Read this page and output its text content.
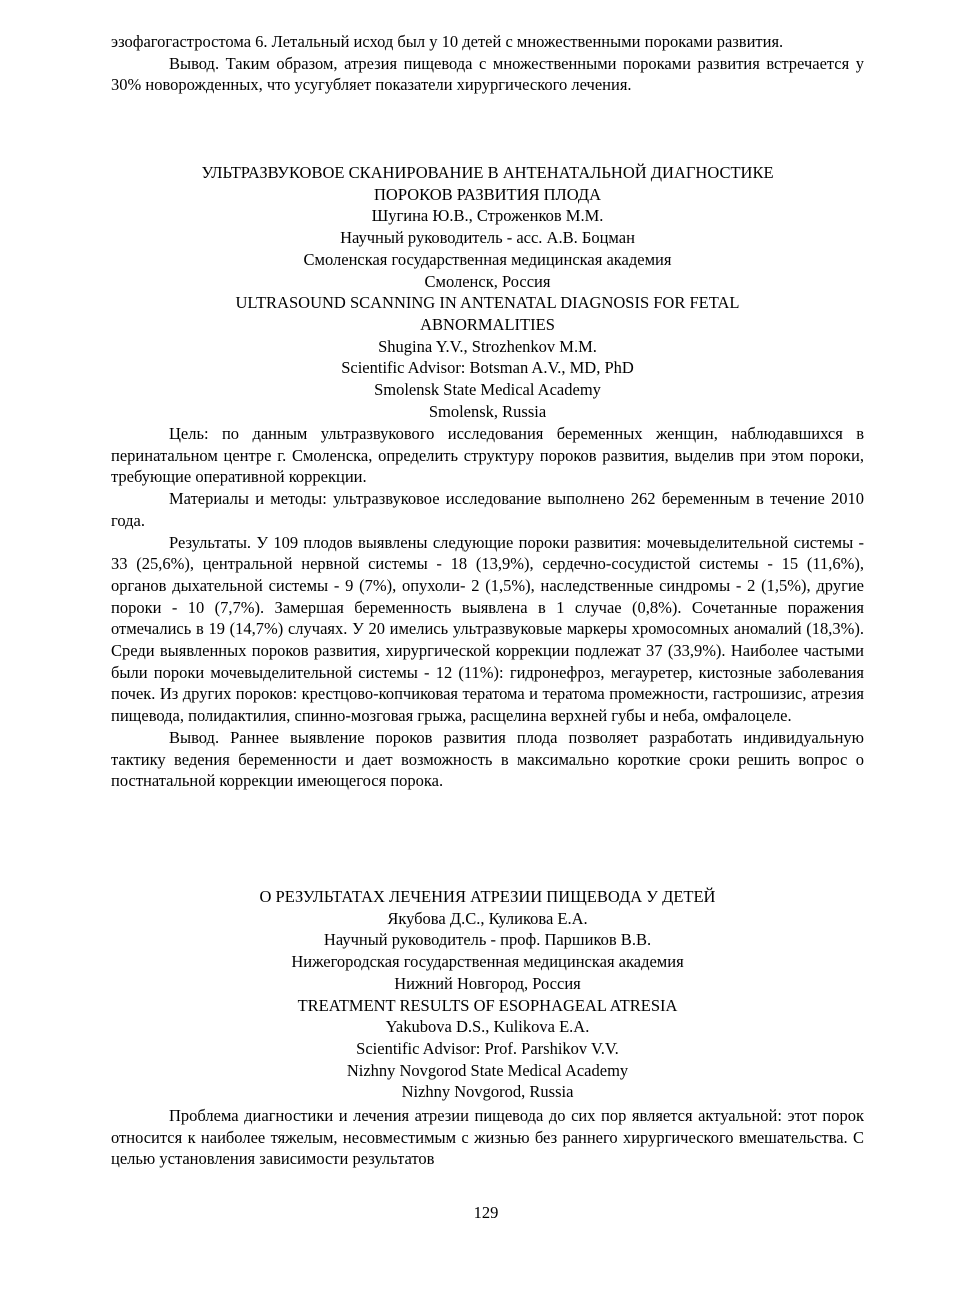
эзофагогастростома 6. Летальный исход был у 10 детей с множественными пороками развития.

Вывод. Таким образом, атрезия пищевода с множественными пороками развития встречается у 30% новорожденных, что усугубляет показатели хирургического лечения.

УЛЬТРАЗВУКОВОЕ СКАНИРОВАНИЕ В АНТЕНАТАЛЬНОЙ ДИАГНОСТИКЕ

ПОРОКОВ РАЗВИТИЯ ПЛОДА

Шугина Ю.В., Строженков М.М.

Научный руководитель - асс. А.В. Боцман

Смоленская государственная медицинская академия

Смоленск, Россия

ULTRASOUND SCANNING IN ANTENATAL DIAGNOSIS FOR FETAL

ABNORMALITIES

Shugina Y.V., Strozhenkov M.M.

Scientific Advisor: Botsman A.V., MD, PhD

Smolensk State Medical Academy

Smolensk, Russia

Цель: по данным ультразвукового исследования беременных женщин, наблюдавшихся в перинатальном центре г. Смоленска, определить структуру пороков развития, выделив при этом пороки, требующие оперативной коррекции.

Материалы и методы: ультразвуковое исследование выполнено 262 беременным в течение 2010 года.

Результаты. У 109 плодов выявлены следующие пороки развития: мочевыделительной системы - 33 (25,6%), центральной нервной системы - 18 (13,9%), сердечно-сосудистой системы - 15 (11,6%), органов дыхательной системы - 9 (7%), опухоли- 2 (1,5%), наследственные синдромы - 2 (1,5%), другие пороки - 10 (7,7%). Замершая беременность выявлена в 1 случае (0,8%). Сочетанные поражения отмечались в 19 (14,7%) случаях. У 20 имелись ультразвуковые маркеры хромосомных аномалий (18,3%). Среди выявленных пороков развития, хирургической коррекции подлежат 37 (33,9%). Наиболее частыми были пороки мочевыделительной системы - 12 (11%): гидронефроз, мегауретер, кистозные заболевания почек. Из других пороков: крестцово-копчиковая тератома и тератома промежности, гастрошизис, атрезия пищевода, полидактилия, спинно-мозговая грыжа, расщелина верхней губы и неба, омфалоцеле.

Вывод. Раннее выявление пороков развития плода позволяет разработать индивидуальную тактику ведения беременности и дает возможность в максимально короткие сроки решить вопрос о постнатальной коррекции имеющегося порока.

О РЕЗУЛЬТАТАХ ЛЕЧЕНИЯ АТРЕЗИИ ПИЩЕВОДА У ДЕТЕЙ

Якубова Д.С., Куликова Е.А.

Научный руководитель - проф. Паршиков В.В.

Нижегородская государственная медицинская академия

Нижний Новгород, Россия

TREATMENT RESULTS OF ESOPHAGEAL ATRESIA

Yakubova D.S., Kulikova E.A.

Scientific Advisor: Prof. Parshikov V.V.

Nizhny Novgorod State Medical Academy

Nizhny Novgorod, Russia

Проблема диагностики и лечения атрезии пищевода до сих пор является актуальной: этот порок относится к наиболее тяжелым, несовместимым с жизнью без раннего хирургического вмешательства. С целью установления зависимости результатов

129
